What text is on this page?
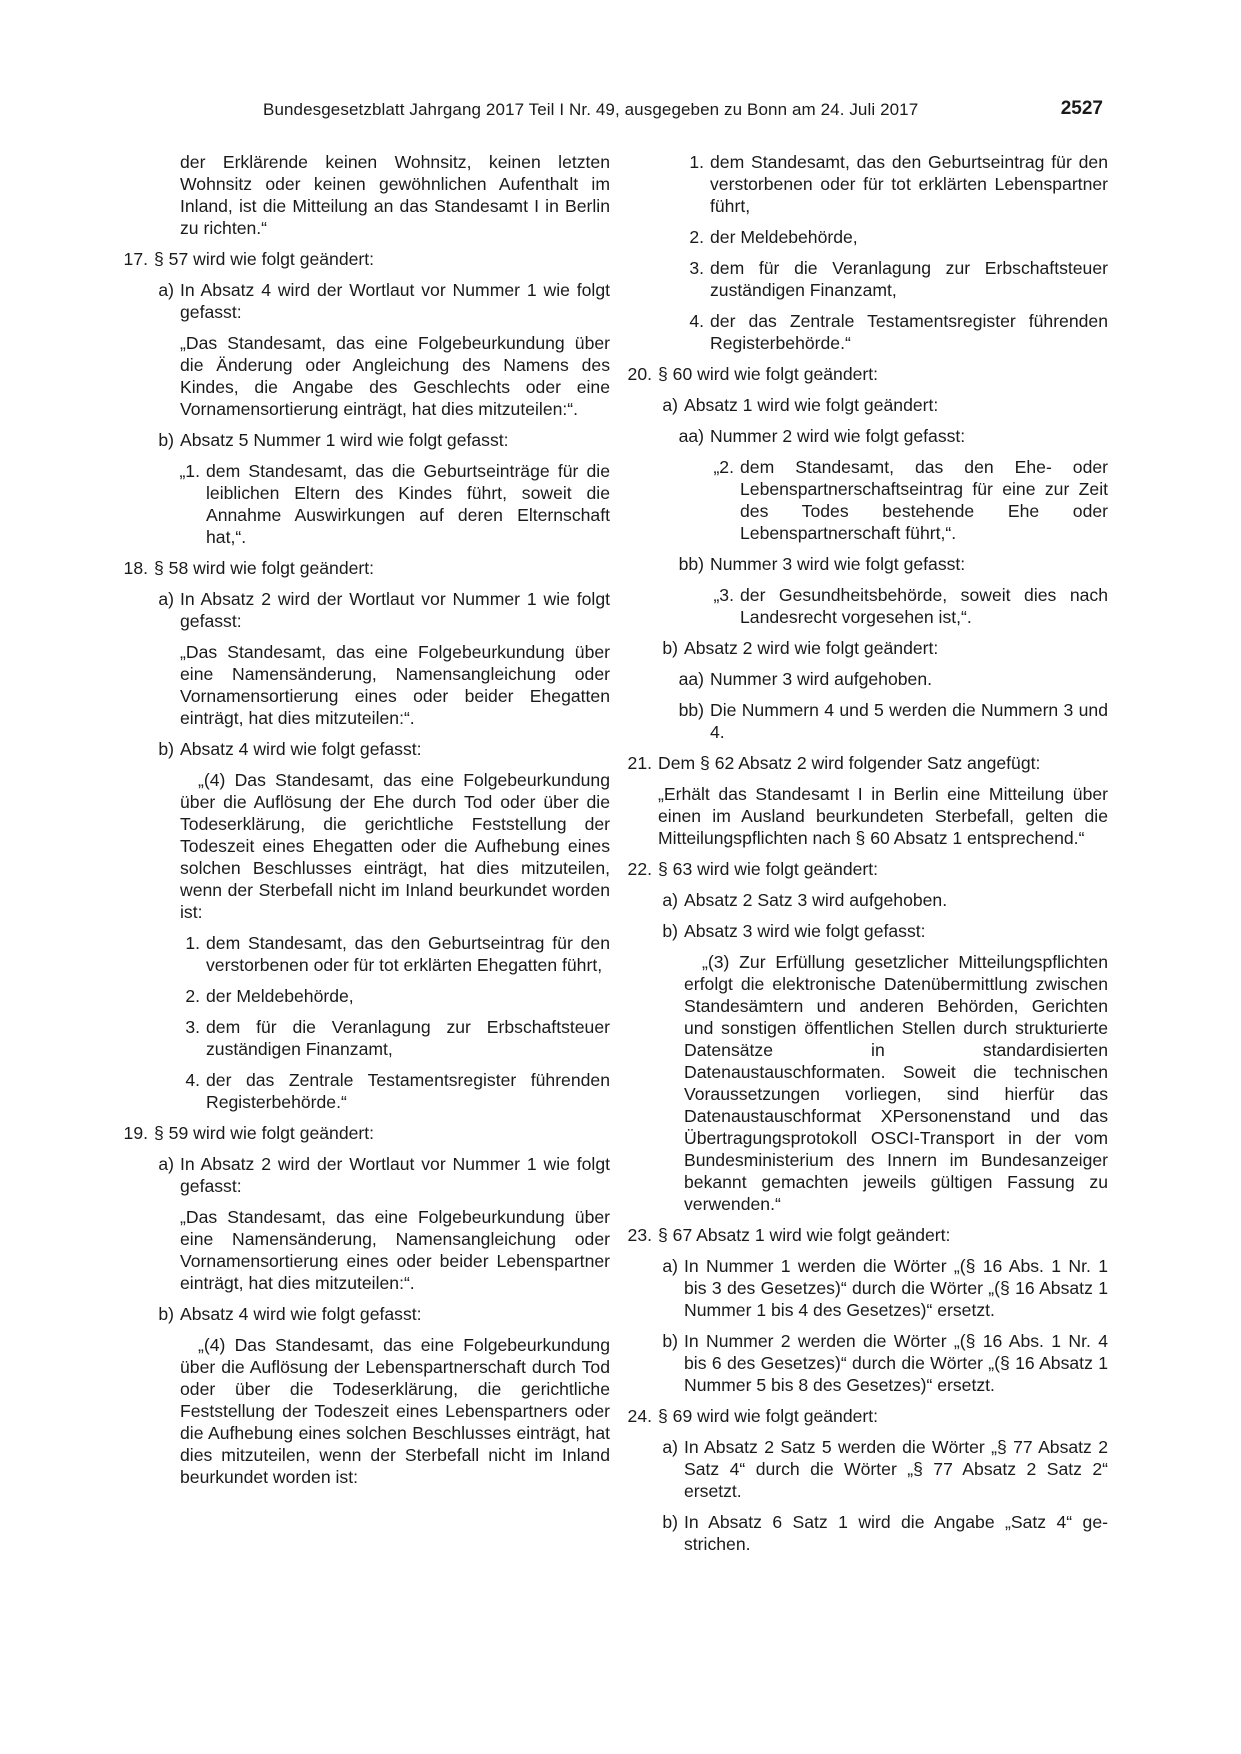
Bundesgesetzblatt Jahrgang 2017 Teil I Nr. 49, ausgegeben zu Bonn am 24. Juli 2017	2527
der Erklärende keinen Wohnsitz, keinen letzten Wohnsitz oder keinen gewöhnlichen Aufenthalt im Inland, ist die Mitteilung an das Standesamt I in Berlin zu richten.“
17. § 57 wird wie folgt geändert:
a) In Absatz 4 wird der Wortlaut vor Nummer 1 wie folgt gefasst:
„Das Standesamt, das eine Folgebeurkundung über die Änderung oder Angleichung des Namens des Kindes, die Angabe des Geschlechts oder eine Vornamensortierung einträgt, hat dies mitzuteilen:“.
b) Absatz 5 Nummer 1 wird wie folgt gefasst:
„1. dem Standesamt, das die Geburtseinträge für die leiblichen Eltern des Kindes führt, soweit die Annahme Auswirkungen auf deren Elternschaft hat,“.
18. § 58 wird wie folgt geändert:
a) In Absatz 2 wird der Wortlaut vor Nummer 1 wie folgt gefasst:
„Das Standesamt, das eine Folgebeurkundung über eine Namensänderung, Namensangleichung oder Vornamensortierung eines oder beider Ehegatten einträgt, hat dies mitzuteilen:“.
b) Absatz 4 wird wie folgt gefasst:
„(4) Das Standesamt, das eine Folgebeurkundung über die Auflösung der Ehe durch Tod oder über die Todeserklärung, die gerichtliche Feststellung der Todeszeit eines Ehegatten oder die Aufhebung eines solchen Beschlusses einträgt, hat dies mitzuteilen, wenn der Sterbefall nicht im Inland beurkundet worden ist:
1. dem Standesamt, das den Geburtseintrag für den verstorbenen oder für tot erklärten Ehegatten führt,
2. der Meldebehörde,
3. dem für die Veranlagung zur Erbschaftsteuer zuständigen Finanzamt,
4. der das Zentrale Testamentsregister führenden Registerbehörde.“
19. § 59 wird wie folgt geändert:
a) In Absatz 2 wird der Wortlaut vor Nummer 1 wie folgt gefasst:
„Das Standesamt, das eine Folgebeurkundung über eine Namensänderung, Namensangleichung oder Vornamensortierung eines oder beider Lebenspartner einträgt, hat dies mitzuteilen:“.
b) Absatz 4 wird wie folgt gefasst:
„(4) Das Standesamt, das eine Folgebeurkundung über die Auflösung der Lebenspartnerschaft durch Tod oder über die Todeserklärung, die gerichtliche Feststellung der Todeszeit eines Lebenspartners oder die Aufhebung eines solchen Beschlusses einträgt, hat dies mitzuteilen, wenn der Sterbefall nicht im Inland beurkundet worden ist:
1. dem Standesamt, das den Geburtseintrag für den verstorbenen oder für tot erklärten Lebenspartner führt,
2. der Meldebehörde,
3. dem für die Veranlagung zur Erbschaftsteuer zuständigen Finanzamt,
4. der das Zentrale Testamentsregister führenden Registerbehörde.“
20. § 60 wird wie folgt geändert:
a) Absatz 1 wird wie folgt geändert:
aa) Nummer 2 wird wie folgt gefasst:
„2. dem Standesamt, das den Ehe- oder Lebenspartnerschaftseintrag für eine zur Zeit des Todes bestehende Ehe oder Lebenspartnerschaft führt,“.
bb) Nummer 3 wird wie folgt gefasst:
„3. der Gesundheitsbehörde, soweit dies nach Landesrecht vorgesehen ist,“.
b) Absatz 2 wird wie folgt geändert:
aa) Nummer 3 wird aufgehoben.
bb) Die Nummern 4 und 5 werden die Nummern 3 und 4.
21. Dem § 62 Absatz 2 wird folgender Satz angefügt:
„Erhält das Standesamt I in Berlin eine Mitteilung über einen im Ausland beurkundeten Sterbefall, gelten die Mitteilungspflichten nach § 60 Absatz 1 entsprechend.“
22. § 63 wird wie folgt geändert:
a) Absatz 2 Satz 3 wird aufgehoben.
b) Absatz 3 wird wie folgt gefasst:
„(3) Zur Erfüllung gesetzlicher Mitteilungspflichten erfolgt die elektronische Datenübermittlung zwischen Standesämtern und anderen Behörden, Gerichten und sonstigen öffentlichen Stellen durch strukturierte Datensätze in standardisierten Datenaustauschformaten. Soweit die technischen Voraussetzungen vorliegen, sind hierfür das Datenaustauschformat XPersonenstand und das Übertragungsprotokoll OSCI-Transport in der vom Bundesministerium des Innern im Bundesanzeiger bekannt gemachten jeweils gültigen Fassung zu verwenden.“
23. § 67 Absatz 1 wird wie folgt geändert:
a) In Nummer 1 werden die Wörter „(§ 16 Abs. 1 Nr. 1 bis 3 des Gesetzes)“ durch die Wörter „(§ 16 Absatz 1 Nummer 1 bis 4 des Gesetzes)“ ersetzt.
b) In Nummer 2 werden die Wörter „(§ 16 Abs. 1 Nr. 4 bis 6 des Gesetzes)“ durch die Wörter „(§ 16 Absatz 1 Nummer 5 bis 8 des Gesetzes)“ ersetzt.
24. § 69 wird wie folgt geändert:
a) In Absatz 2 Satz 5 werden die Wörter „§ 77 Absatz 2 Satz 4“ durch die Wörter „§ 77 Absatz 2 Satz 2“ ersetzt.
b) In Absatz 6 Satz 1 wird die Angabe „Satz 4“ gestrichen.
